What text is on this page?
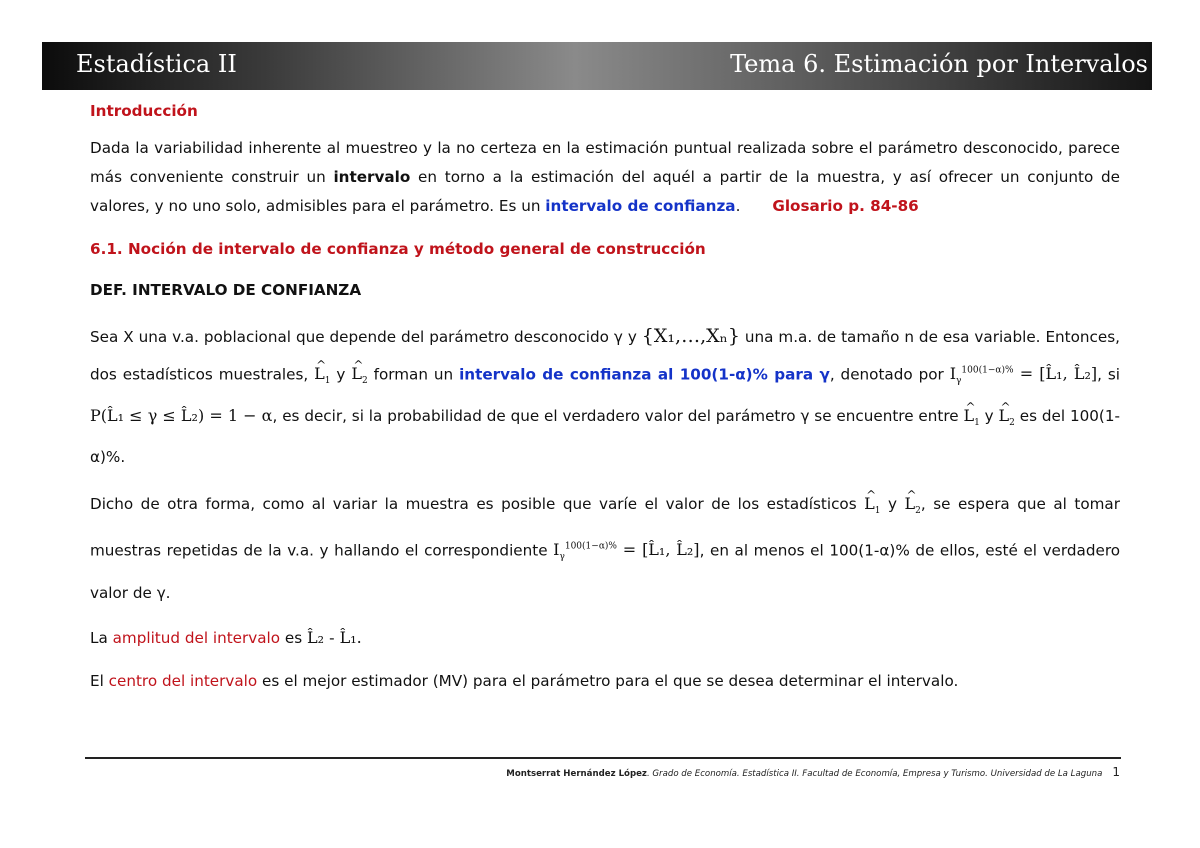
Estadística II	Tema 6. Estimación por Intervalos

Introducción

Dada la variabilidad inherente al muestreo y la no certeza en la estimación puntual realizada sobre el parámetro desconocido, parece más conveniente construir un intervalo en torno a la estimación del aquél a partir de la muestra, y así ofrecer un conjunto de valores, y no uno solo, admisibles para el parámetro. Es un intervalo de confianza. Glosario p. 84-86

6.1. Noción de intervalo de confianza y método general de construcción

DEF. INTERVALO DE CONFIANZA

Sea X una v.a. poblacional que depende del parámetro desconocido γ y {X₁,…,Xₙ} una m.a. de tamaño n de esa variable. Entonces, dos estadísticos muestrales, ^ $L_1$ y ^ $L_2$ forman un intervalo de confianza al 100(1-α)% para γ, denotado por $I_\gamma^{100(1-\alpha)\%}$ = [L̂₁, L̂₂], si P(L̂₁ ≤ γ ≤ L̂₂) = 1 − α, es decir, si la probabilidad de que el verdadero valor del parámetro γ se encuentre entre ^ $L_1$ y ^ $L_2$ es del 100(1-α)%.
Dicho de otra forma, como al variar la muestra es posible que varíe el valor de los estadísticos ^ $L_1$ y ^ $L_2$, se espera que al tomar muestras repetidas de la v.a. y hallando el correspondiente $I_\gamma^{100(1-\alpha)\%}$ = [L̂₁, L̂₂], en al menos el 100(1-α)% de ellos, esté el verdadero valor de γ.

La amplitud del intervalo es L̂₂ - L̂₁.

El centro del intervalo es el mejor estimador (MV) para el parámetro para el que se desea determinar el intervalo.

Montserrat Hernández López. Grado de Economía. Estadística II. Facultad de Economía, Empresa y Turismo. Universidad de La Laguna 1
